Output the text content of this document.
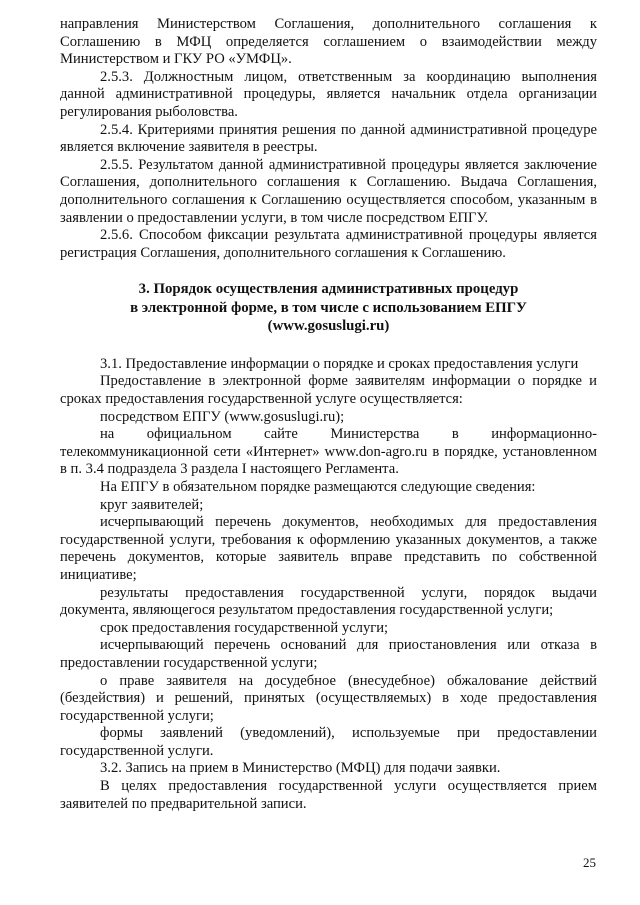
направления Министерством Соглашения, дополнительного соглашения к Соглашению в МФЦ определяется соглашением о взаимодействии между Министерством и ГКУ РО «УМФЦ».

2.5.3. Должностным лицом, ответственным за координацию выполнения данной административной процедуры, является начальник отдела организации регулирования рыболовства.

2.5.4. Критериями принятия решения по данной административной процедуре является включение заявителя в реестры.

2.5.5. Результатом данной административной процедуры является заключение Соглашения, дополнительного соглашения к Соглашению. Выдача Соглашения, дополнительного соглашения к Соглашению осуществляется способом, указанным в заявлении о предоставлении услуги, в том числе посредством ЕПГУ.

2.5.6. Способом фиксации результата административной процедуры является регистрация Соглашения, дополнительного соглашения к Соглашению.

3. Порядок осуществления административных процедур
в электронной форме, в том числе с использованием ЕПГУ
(www.gosuslugi.ru)

3.1. Предоставление информации о порядке и сроках предоставления услуги

Предоставление в электронной форме заявителям информации о порядке и сроках предоставления государственной услуге осуществляется:

посредством ЕПГУ (www.gosuslugi.ru);

на официальном сайте Министерства в информационно-телекоммуникационной сети «Интернет» www.don-agro.ru в порядке, установленном в п. 3.4 подраздела 3 раздела I настоящего Регламента.

На ЕПГУ в обязательном порядке размещаются следующие сведения:

круг заявителей;

исчерпывающий перечень документов, необходимых для предоставления государственной услуги, требования к оформлению указанных документов, а также перечень документов, которые заявитель вправе представить по собственной инициативе;

результаты предоставления государственной услуги, порядок выдачи документа, являющегося результатом предоставления государственной услуги;

срок предоставления государственной услуги;

исчерпывающий перечень оснований для приостановления или отказа в предоставлении государственной услуги;

о праве заявителя на досудебное (внесудебное) обжалование действий (бездействия) и решений, принятых (осуществляемых) в ходе предоставления государственной услуги;

формы заявлений (уведомлений), используемые при предоставлении государственной услуги.

3.2. Запись на прием в Министерство (МФЦ) для подачи заявки.

В целях предоставления государственной услуги осуществляется прием заявителей по предварительной записи.

25
